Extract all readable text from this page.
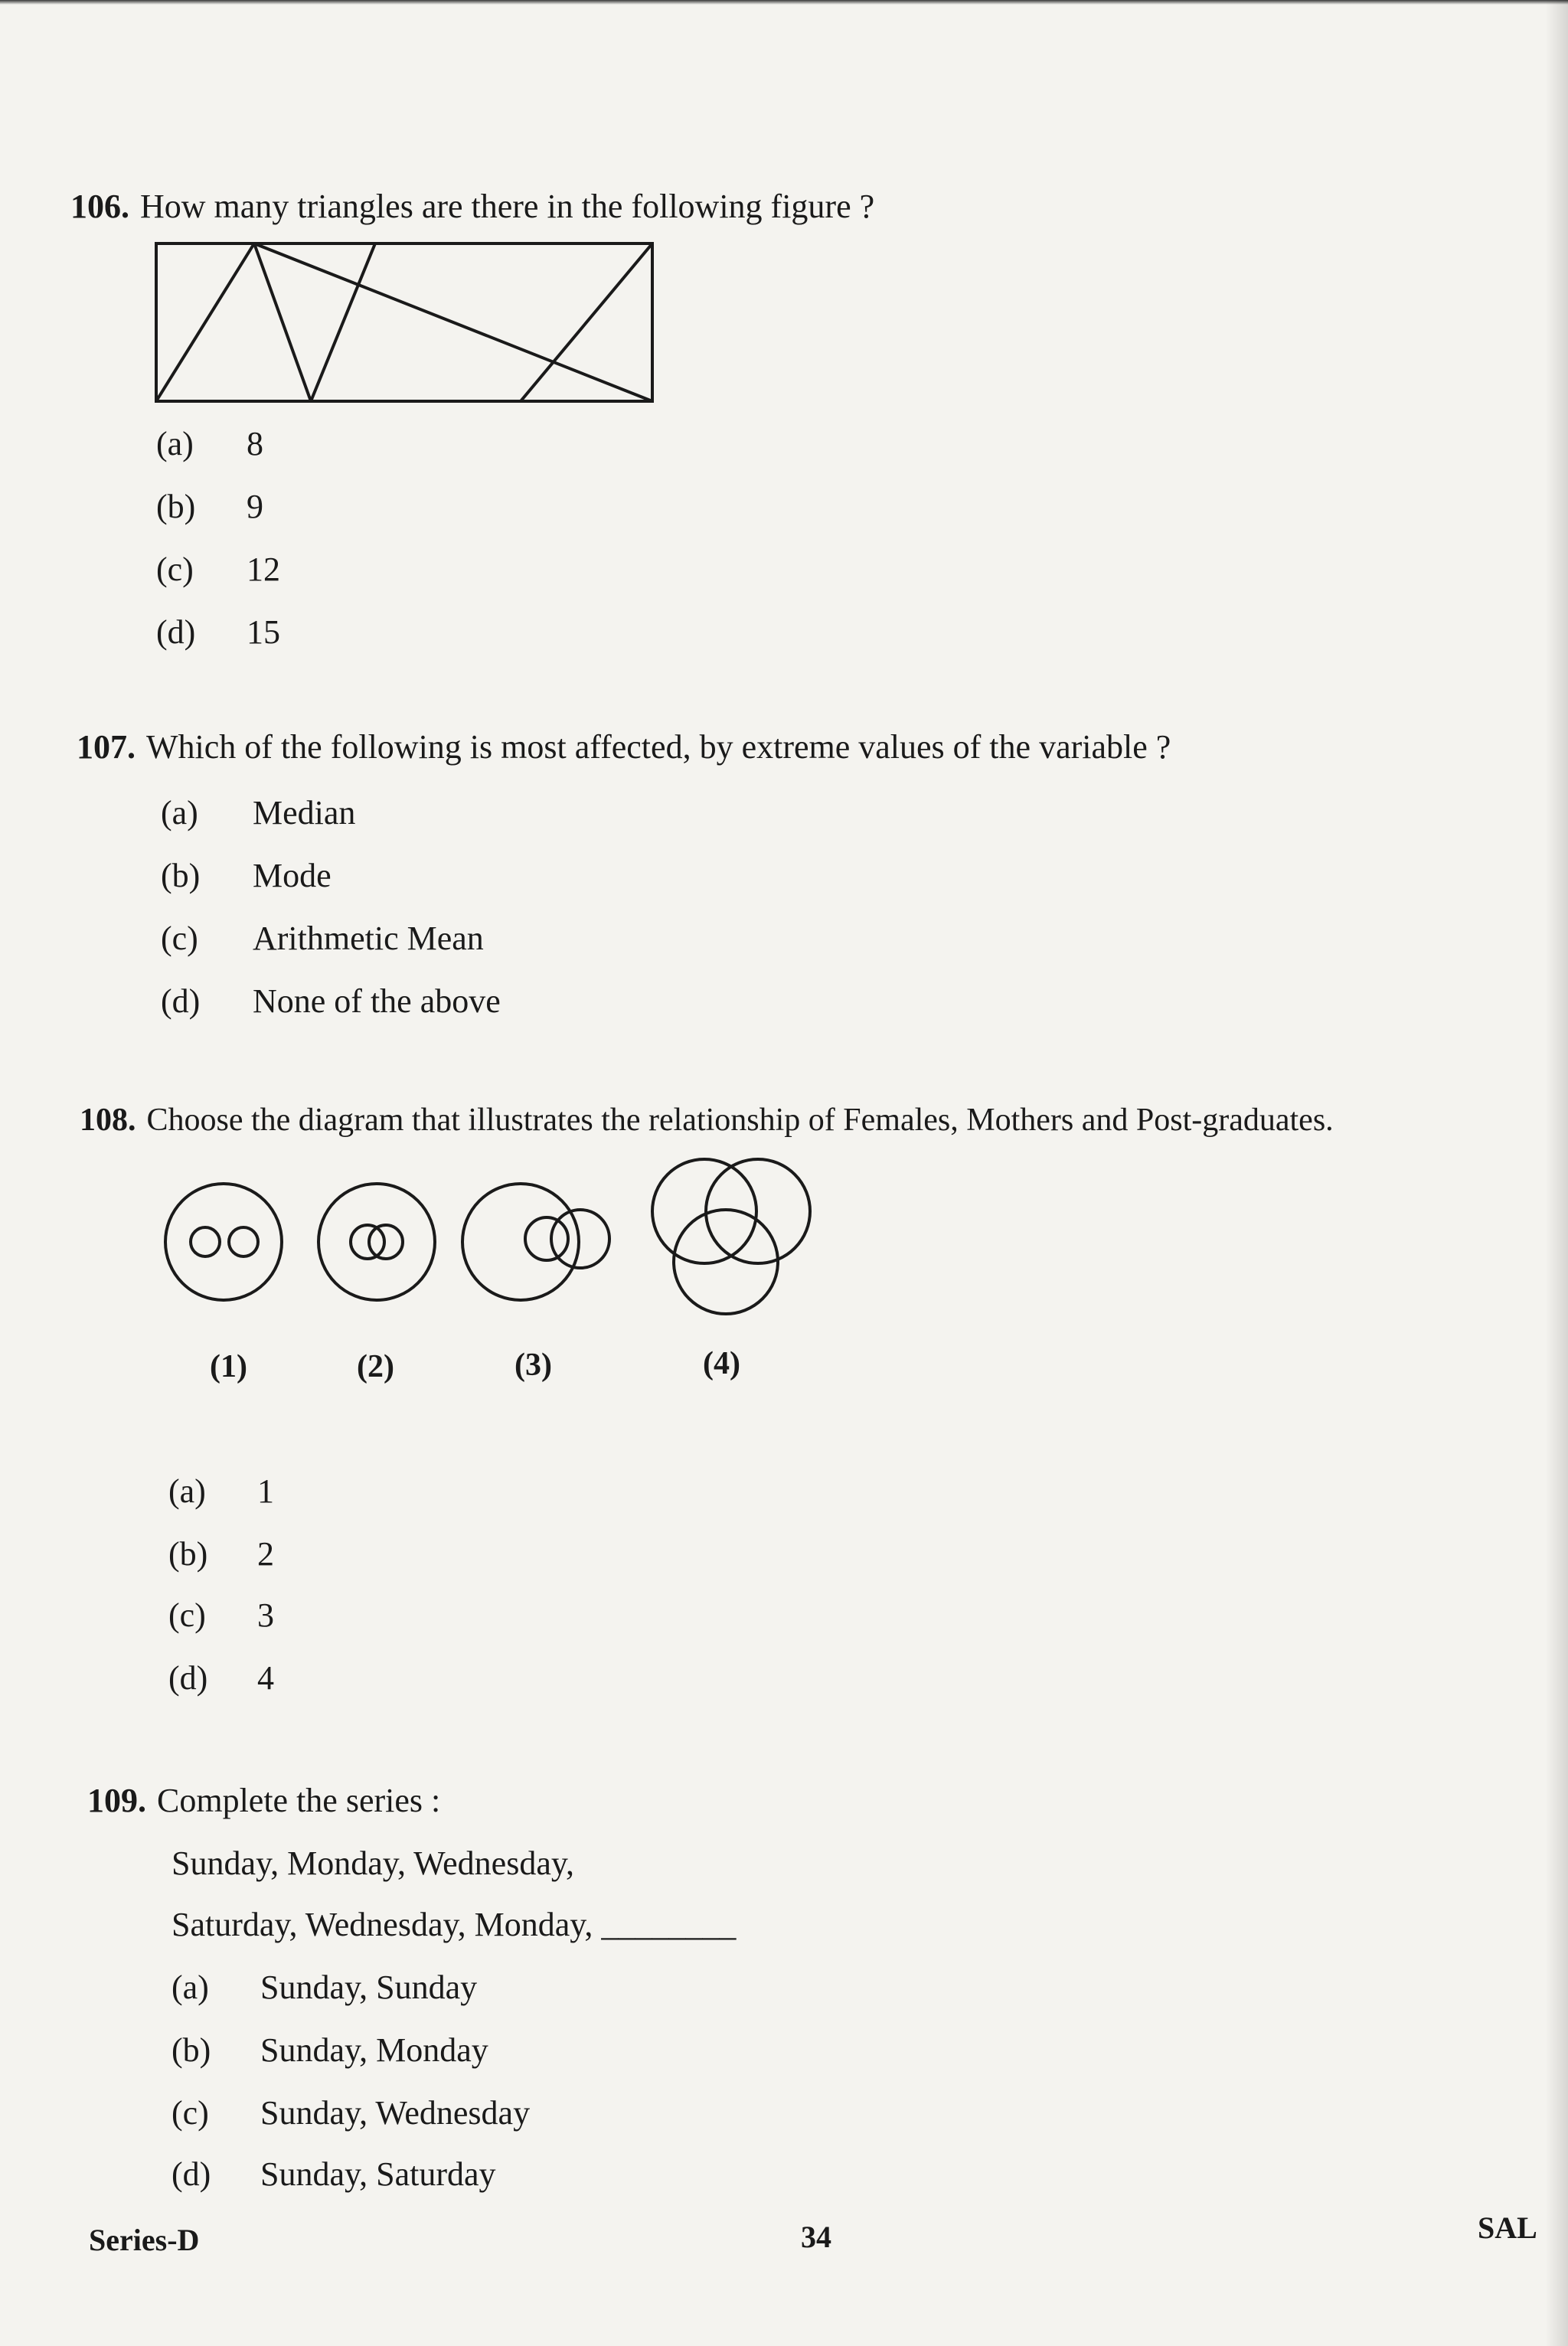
106. How many triangles are there in the following figure ?
(a) 8
(b) 9
(c) 12
(d) 15
107. Which of the following is most affected, by extreme values of the variable ?
(a) Median
(b) Mode
(c) Arithmetic Mean
(d) None of the above
108. Choose the diagram that illustrates the relationship of Females, Mothers and Post-graduates.
(1)	(2)	(3)	(4)
(a) 1
(b) 2
(c) 3
(d) 4
109. Complete the series :
Sunday, Monday, Wednesday,
Saturday, Wednesday, Monday, ________
(a) Sunday, Sunday
(b) Sunday, Monday
(c) Sunday, Wednesday
(d) Sunday, Saturday
Series-D	34	SAL
